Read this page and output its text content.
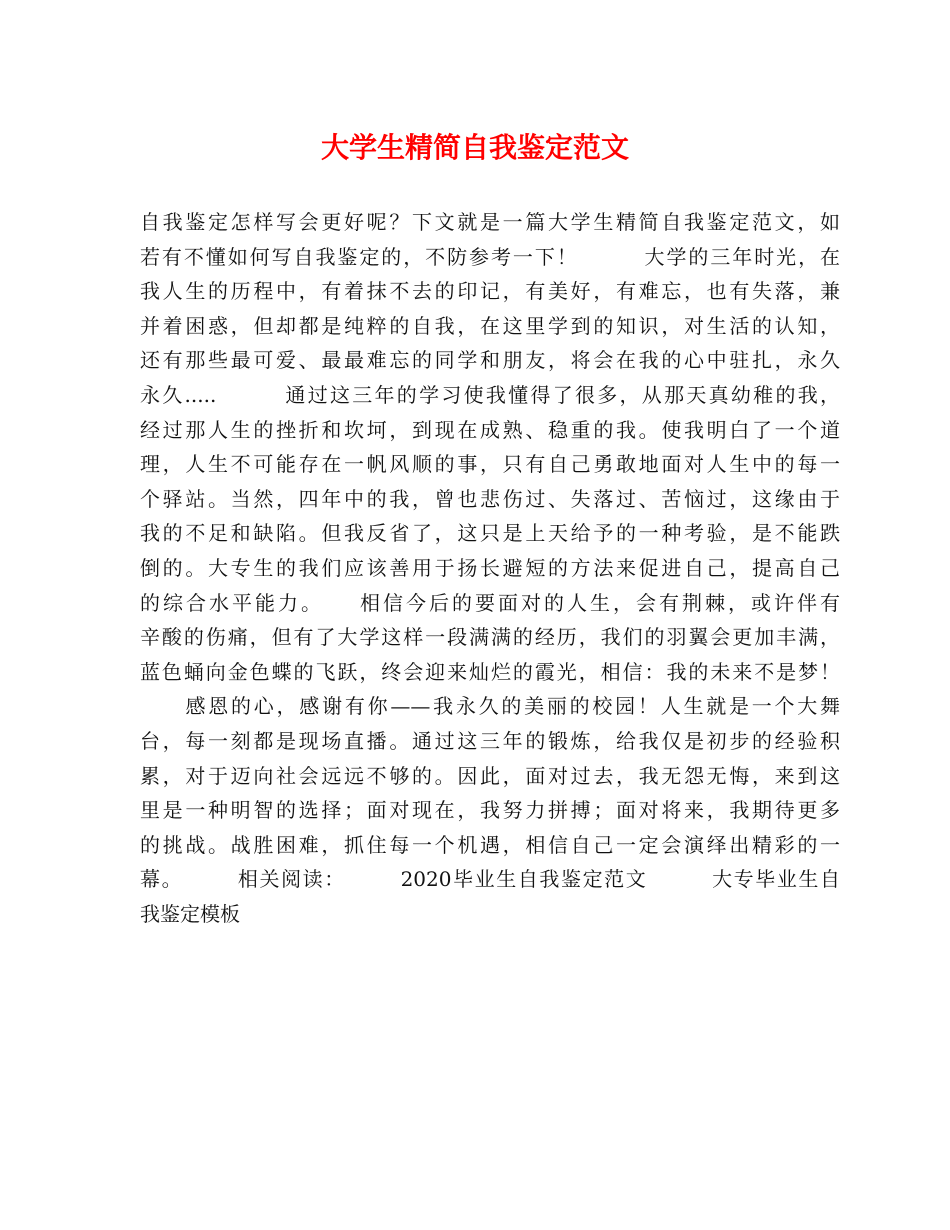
大学生精简自我鉴定范文
自我鉴定怎样写会更好呢？下文就是一篇大学生精简自我鉴定范文，如
若有不懂如何写自我鉴定的，不防参考一下！　　　大学的三年时光，在
我人生的历程中，有着抹不去的印记，有美好，有难忘，也有失落，兼
并着困惑，但却都是纯粹的自我，在这里学到的知识，对生活的认知，
还有那些最可爱、最最难忘的同学和朋友，将会在我的心中驻扎，永久
永久.....　　　通过这三年的学习使我懂得了很多，从那天真幼稚的我，
经过那人生的挫折和坎坷，到现在成熟、稳重的我。使我明白了一个道
理，人生不可能存在一帆风顺的事，只有自己勇敢地面对人生中的每一
个驿站。当然，四年中的我，曾也悲伤过、失落过、苦恼过，这缘由于
我的不足和缺陷。但我反省了，这只是上天给予的一种考验，是不能跌
倒的。大专生的我们应该善用于扬长避短的方法来促进自己，提高自己
的综合水平能力。　　相信今后的要面对的人生，会有荆棘，或许伴有
辛酸的伤痛，但有了大学这样一段满满的经历，我们的羽翼会更加丰满，
蓝色蛹向金色蝶的飞跃，终会迎来灿烂的霞光，相信：我的未来不是梦！
　　感恩的心，感谢有你——我永久的美丽的校园！人生就是一个大舞
台，每一刻都是现场直播。通过这三年的锻炼，给我仅是初步的经验积
累，对于迈向社会远远不够的。因此，面对过去，我无怨无悔，来到这
里是一种明智的选择；面对现在，我努力拼搏；面对将来，我期待更多
的挑战。战胜困难，抓住每一个机遇，相信自己一定会演绎出精彩的一
幕。　　　相关阅读：　　　2020毕业生自我鉴定范文　　　大专毕业生自
我鉴定模板
